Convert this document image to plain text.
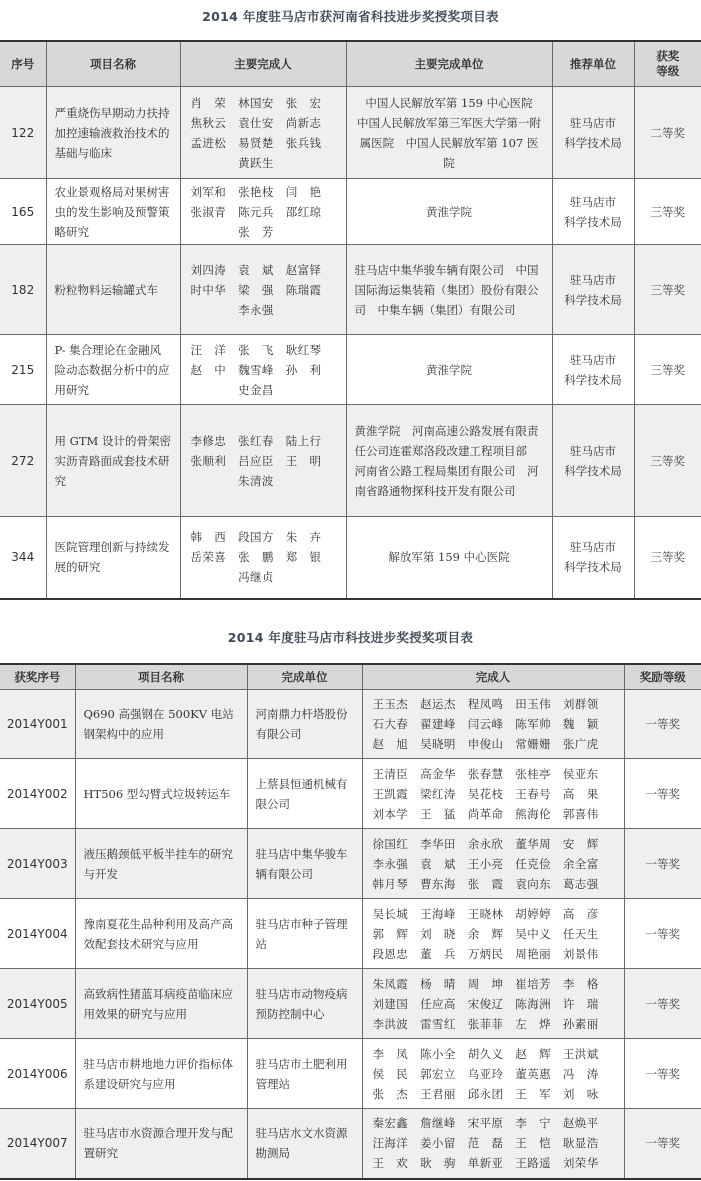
2014 年度驻马店市获河南省科技进步奖授奖项目表
序号	项目名称	主要完成人	主要完成单位	推荐单位	获奖等级

122	严重烧伤早期动力扶持加控速输液救治技术的基础与临床	肖　荣　林国安　张　宏
焦秋云　袁仕安　尚新志
孟进松　易贤楚　张兵钱
　　　　黄跃生	中国人民解放军第 159 中心医院　中国人民解放军第三军医大学第一附属医院　中国人民解放军第 107 医院	驻马店市
科学技术局	二等奖
165	农业景观格局对果树害虫的发生影响及预警策略研究	刘军和　张艳枝　闫　艳
张淑青　陈元兵　邵红琼
　　　　张　芳	黄淮学院	驻马店市
科学技术局	三等奖
182	粉粒物料运输罐式车	刘四涛　袁　斌　赵富铎
时中华　梁　强　陈瑞霞
　　　　李永强	驻马店中集华骏车辆有限公司　中国国际海运集装箱（集团）股份有限公司　中集车辆（集团）有限公司	驻马店市
科学技术局	三等奖
215	P- 集合理论在金融风险动态数据分析中的应用研究	汪　洋　张　飞　耿红琴
赵　中　魏雪峰　孙　利
　　　　史金昌	黄淮学院	驻马店市
科学技术局	三等奖
272	用 GTM 设计的骨架密实沥青路面成套技术研究	李修忠　张红春　陆上行
张顺利　吕应臣　王　明
　　　　朱清波	黄淮学院　河南高速公路发展有限责任公司连霍郑洛段改建工程项目部　河南省公路工程局集团有限公司　河南省路通物探科技开发有限公司	驻马店市
科学技术局	三等奖
344	医院管理创新与持续发展的研究	韩　西　段国方　朱　卉
岳荣喜　张　鹏　郑　银
　　　　冯继贞	解放军第 159 中心医院	驻马店市
科学技术局	三等奖
2014 年度驻马店市科技进步奖授奖项目表
获奖序号	项目名称	完成单位	完成人	奖励等级
2014Y001	Q690 高强钢在 500KV 电站钢架构中的应用	河南鼎力杆塔股份有限公司	王玉杰　赵运杰　程凤鸣　田玉伟　刘群领
石大春　翟建峰　闫云峰　陈军帅　魏　颖
赵　旭　吴晓明　申俊山　常姗姗　张广虎	一等奖
2014Y002	HT506 型勾臂式垃圾转运车	上蔡县恒通机械有限公司	王清臣　高金华　张春慧　张桂亭　侯亚东
王凯霞　梁红涛　吴花枝　王春号　高　果
刘本学　王　猛　尚革命　熊海伦　郭喜伟	一等奖
2014Y003	液压鹅颈低平板半挂车的研究与开发	驻马店中集华骏车辆有限公司	徐国红　李华田　余永欣　董华周　安　辉
李永强　袁　斌　王小亮　任克俭　余全富
韩月琴　曹东海　张　霞　袁向东　葛志强	一等奖
2014Y004	豫南夏花生品种利用及高产高效配套技术研究与应用	驻马店市种子管理站	吴长城　王海峰　王晓林　胡婷婷　高　彦
郭　辉　刘　晓　余　辉　吴中义　任天生
段恩忠　董　兵　万炳民　周艳丽　刘景伟	一等奖
2014Y005	高致病性猪蓝耳病疫苗临床应用效果的研究与应用	驻马店市动物疫病预防控制中心	朱凤霞　杨　晴　周　坤　崔培芳　李　格
刘建国　任应高　宋俊辽　陈海洲　许　瑞
李洪波　雷雪红　张菲菲　左　烨　孙素丽	一等奖
2014Y006	驻马店市耕地地力评价指标体系建设研究与应用	驻马店市土肥利用管理站	李　凤　陈小全　胡久义　赵　辉　王洪斌
侯　民　郭宏立　乌亚玲　董英惠　冯　涛
张　杰　王君丽　邱永团　王　军　刘　咏	一等奖
2014Y007	驻马店市水资源合理开发与配置研究	驻马店水文水资源勘测局	秦宏鑫　詹继峰　宋平原　李　宁　赵焕平
汪海洋　姜小留　范　磊　王　恺　耿显浩
王　欢　耿　驹　单新亚　王路遥　刘荣华	一等奖
